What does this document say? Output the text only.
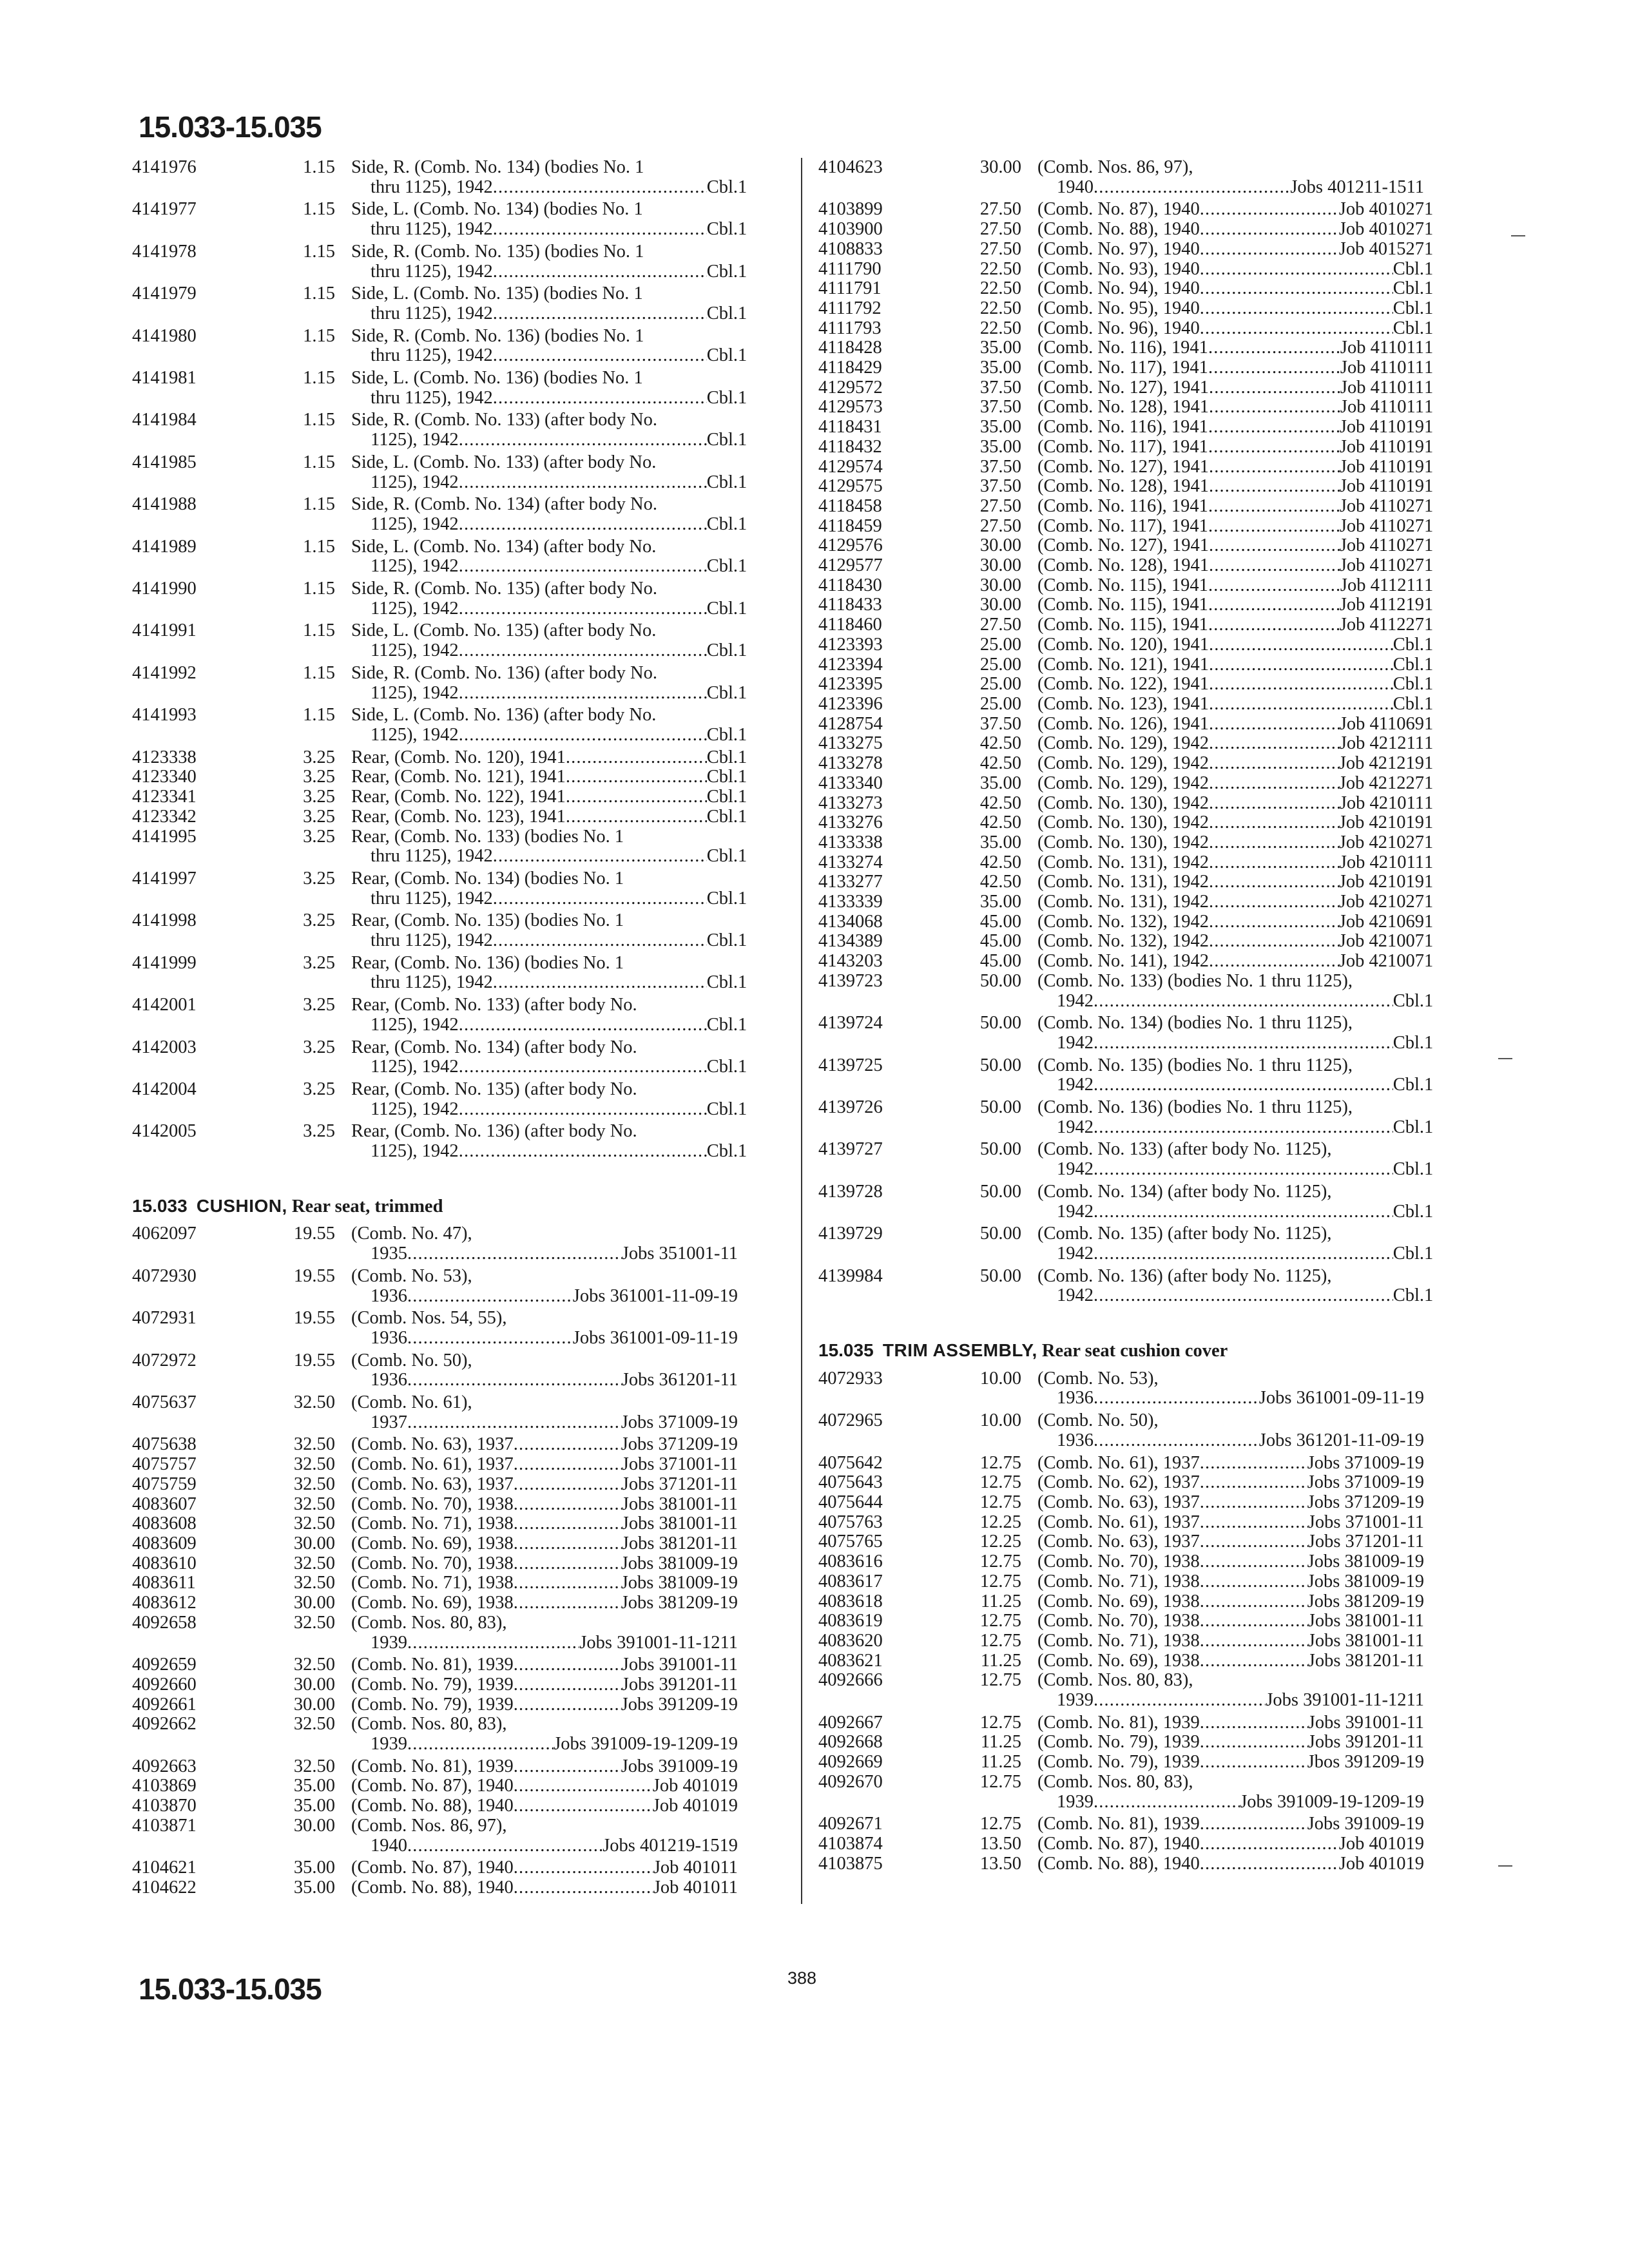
15.033-15.035
4141976	1.15 Side, R. (Comb. No. 134) (bodies No. 1
thru 1125), 1942 . . .	Cbl. 1
4141977	1.15 Side, L. (Comb. No. 134) (bodies No. 1
thru 1125), 1942 . . .	Cbl. 1
4141978	1.15 Side, R. (Comb. No. 135) (bodies No. 1
thru 1125), 1942 . . .	Cbl. 1
4141979	1.15 Side, L. (Comb. No. 135) (bodies No. 1
thru 1125), 1942 . . .	Cbl. 1
4141980	1.15 Side, R. (Comb. No. 136) (bodies No. 1
thru 1125), 1942 . . .	Cbl. 1
4141981	1.15 Side, L. (Comb. No. 136) (bodies No. 1
thru 1125), 1942 . . .	Cbl. 1
4141984	1.15 Side, R. (Comb. No. 133) (after body No.
1125), 1942 . . .	Cbl. 1
4141985	1.15 Side, L. (Comb. No. 133) (after body No.
1125), 1942 . . .	Cbl. 1
4141988	1.15 Side, R. (Comb. No. 134) (after body No.
1125), 1942 . . .	Cbl. 1
4141989	1.15 Side, L. (Comb. No. 134) (after body No.
1125), 1942 . . .	Cbl. 1
4141990	1.15 Side, R. (Comb. No. 135) (after body No.
1125), 1942 . . .	Cbl. 1
4141991	1.15 Side, L. (Comb. No. 135) (after body No.
1125), 1942 . . .	Cbl. 1
4141992	1.15 Side, R. (Comb. No. 136) (after body No.
1125), 1942 . . .	Cbl. 1
4141993	1.15 Side, L. (Comb. No. 136) (after body No.
1125), 1942 . . .	Cbl. 1
4123338	3.25 Rear, (Comb. No. 120), 1941 . . .	Cbl. 1
4123340	3.25 Rear, (Comb. No. 121), 1941 . . .	Cbl. 1
4123341	3.25 Rear, (Comb. No. 122), 1941 . . .	Cbl. 1
4123342	3.25 Rear, (Comb. No. 123), 1941 . . .	Cbl. 1
4141995	3.25 Rear, (Comb. No. 133) (bodies No. 1
thru 1125), 1942 . . .	Cbl. 1
4141997	3.25 Rear, (Comb. No. 134) (bodies No. 1
thru 1125), 1942 . . .	Cbl. 1
4141998	3.25 Rear, (Comb. No. 135) (bodies No. 1
thru 1125), 1942 . . .	Cbl. 1
4141999	3.25 Rear, (Comb. No. 136) (bodies No. 1
thru 1125), 1942 . . .	Cbl. 1
4142001	3.25 Rear, (Comb. No. 133) (after body No.
1125), 1942 . . .	Cbl. 1
4142003	3.25 Rear, (Comb. No. 134) (after body No.
1125), 1942 . . .	Cbl. 1
4142004	3.25 Rear, (Comb. No. 135) (after body No.
1125), 1942 . . .	Cbl. 1
4142005	3.25 Rear, (Comb. No. 136) (after body No.
1125), 1942 . . .	Cbl. 1
15.033 CUSHION, Rear seat, trimmed
4062097	19.55 (Comb. No. 47),
1935 . . .	Jobs 351001-11
4072930	19.55 (Comb. No. 53),
1936 . . .	Jobs 361001-11-09-19
4072931	19.55 (Comb. Nos. 54, 55),
1936 . . .	Jobs 361001-09-11-19
4072972	19.55 (Comb. No. 50),
1936 . . .	Jobs 361201-11
4075637	32.50 (Comb. No. 61),
1937 . . .	Jobs 371009-19
4075638	32.50 (Comb. No. 63), 1937 . . .	Jobs 371209-19
4075757	32.50 (Comb. No. 61), 1937 . . .	Jobs 371001-11
4075759	32.50 (Comb. No. 63), 1937 . . .	Jobs 371201-11
4083607	32.50 (Comb. No. 70), 1938 . . .	Jobs 381001-11
4083608	32.50 (Comb. No. 71), 1938 . . .	Jobs 381001-11
4083609	30.00 (Comb. No. 69), 1938 . . .	Jobs 381201-11
4083610	32.50 (Comb. No. 70), 1938 . . .	Jobs 381009-19
4083611	32.50 (Comb. No. 71), 1938 . . .	Jobs 381009-19
4083612	30.00 (Comb. No. 69), 1938 . . .	Jobs 381209-19
4092658	32.50 (Comb. Nos. 80, 83),
1939 . . .	Jobs 391001-11-1211
4092659	32.50 (Comb. No. 81), 1939 . . .	Jobs 391001-11
4092660	30.00 (Comb. No. 79), 1939 . . .	Jobs 391201-11
4092661	30.00 (Comb. No. 79), 1939 . . .	Jobs 391209-19
4092662	32.50 (Comb. Nos. 80, 83),
1939 . . .	Jobs 391009-19-1209-19
4092663	32.50 (Comb. No. 81), 1939 . . .	Jobs 391009-19
4103869	35.00 (Comb. No. 87), 1940 . . .	Job 401019
4103870	35.00 (Comb. No. 88), 1940 . . .	Job 401019
4103871	30.00 (Comb. Nos. 86, 97),
1940 . . .	Jobs 401219-1519
4104621	35.00 (Comb. No. 87), 1940 . . .	Job 401011
4104622	35.00 (Comb. No. 88), 1940 . . .	Job 401011
4104623	30.00 (Comb. Nos. 86, 97),
1940 . . .	Jobs 401211-1511
4103899	27.50 (Comb. No. 87), 1940 . . .	Job 401027 1
4103900	27.50 (Comb. No. 88), 1940 . . .	Job 401027 1
4108833	27.50 (Comb. No. 97), 1940 . . .	Job 401527 1
4111790	22.50 (Comb. No. 93), 1940 . . .	Cbl. 1
4111791	22.50 (Comb. No. 94), 1940 . . .	Cbl. 1
4111792	22.50 (Comb. No. 95), 1940 . . .	Cbl. 1
4111793	22.50 (Comb. No. 96), 1940 . . .	Cbl. 1
4118428	35.00 (Comb. No. 116), 1941 . . .	Job 411011 1
4118429	35.00 (Comb. No. 117), 1941 . . .	Job 411011 1
4129572	37.50 (Comb. No. 127), 1941 . . .	Job 411011 1
4129573	37.50 (Comb. No. 128), 1941 . . .	Job 411011 1
4118431	35.00 (Comb. No. 116), 1941 . . .	Job 411019 1
4118432	35.00 (Comb. No. 117), 1941 . . .	Job 411019 1
4129574	37.50 (Comb. No. 127), 1941 . . .	Job 411019 1
4129575	37.50 (Comb. No. 128), 1941 . . .	Job 411019 1
4118458	27.50 (Comb. No. 116), 1941 . . .	Job 411027 1
4118459	27.50 (Comb. No. 117), 1941 . . .	Job 411027 1
4129576	30.00 (Comb. No. 127), 1941 . . .	Job 411027 1
4129577	30.00 (Comb. No. 128), 1941 . . .	Job 411027 1
4118430	30.00 (Comb. No. 115), 1941 . . .	Job 411211 1
4118433	30.00 (Comb. No. 115), 1941 . . .	Job 411219 1
4118460	27.50 (Comb. No. 115), 1941 . . .	Job 411227 1
4123393	25.00 (Comb. No. 120), 1941 . . .	Cbl. 1
4123394	25.00 (Comb. No. 121), 1941 . . .	Cbl. 1
4123395	25.00 (Comb. No. 122), 1941 . . .	Cbl. 1
4123396	25.00 (Comb. No. 123), 1941 . . .	Cbl. 1
4128754	37.50 (Comb. No. 126), 1941 . . .	Job 411069 1
4133275	42.50 (Comb. No. 129), 1942 . . .	Job 421211 1
4133278	42.50 (Comb. No. 129), 1942 . . .	Job 421219 1
4133340	35.00 (Comb. No. 129), 1942 . . .	Job 421227 1
4133273	42.50 (Comb. No. 130), 1942 . . .	Job 421011 1
4133276	42.50 (Comb. No. 130), 1942 . . .	Job 421019 1
4133338	35.00 (Comb. No. 130), 1942 . . .	Job 421027 1
4133274	42.50 (Comb. No. 131), 1942 . . .	Job 421011 1
4133277	42.50 (Comb. No. 131), 1942 . . .	Job 421019 1
4133339	35.00 (Comb. No. 131), 1942 . . .	Job 421027 1
4134068	45.00 (Comb. No. 132), 1942 . . .	Job 421069 1
4134389	45.00 (Comb. No. 132), 1942 . . .	Job 421007 1
4143203	45.00 (Comb. No. 141), 1942 . . .	Job 421007 1
4139723	50.00 (Comb. No. 133) (bodies No. 1 thru 1125),
1942 . . .	Cbl. 1
4139724	50.00 (Comb. No. 134) (bodies No. 1 thru 1125),
1942 . . .	Cbl. 1
4139725	50.00 (Comb. No. 135) (bodies No. 1 thru 1125),
1942 . . .	Cbl. 1
4139726	50.00 (Comb. No. 136) (bodies No. 1 thru 1125),
1942 . . .	Cbl. 1
4139727	50.00 (Comb. No. 133) (after body No. 1125),
1942 . . .	Cbl. 1
4139728	50.00 (Comb. No. 134) (after body No. 1125),
1942 . . .	Cbl. 1
4139729	50.00 (Comb. No. 135) (after body No. 1125),
1942 . . .	Cbl. 1
4139984	50.00 (Comb. No. 136) (after body No. 1125),
1942 . . .	Cbl. 1
15.035 TRIM ASSEMBLY, Rear seat cushion cover
4072933	10.00 (Comb. No. 53),
1936 . . .	Jobs 361001-09-11-19
4072965	10.00 (Comb. No. 50),
1936 . . .	Jobs 361201-11-09-19
4075642	12.75 (Comb. No. 61), 1937 . . .	Jobs 371009-19
4075643	12.75 (Comb. No. 62), 1937 . . .	Jobs 371009-19
4075644	12.75 (Comb. No. 63), 1937 . . .	Jobs 371209-19
4075763	12.25 (Comb. No. 61), 1937 . . .	Jobs 371001-11
4075765	12.25 (Comb. No. 63), 1937 . . .	Jobs 371201-11
4083616	12.75 (Comb. No. 70), 1938 . . .	Jobs 381009-19
4083617	12.75 (Comb. No. 71), 1938 . . .	Jobs 381009-19
4083618	11.25 (Comb. No. 69), 1938 . . .	Jobs 381209-19
4083619	12.75 (Comb. No. 70), 1938 . . .	Jobs 381001-11
4083620	12.75 (Comb. No. 71), 1938 . . .	Jobs 381001-11
4083621	11.25 (Comb. No. 69), 1938 . . .	Jobs 381201-11
4092666	12.75 (Comb. Nos. 80, 83),
1939 . . .	Jobs 391001-11-1211
4092667	12.75 (Comb. No. 81), 1939 . . .	Jobs 391001-11
4092668	11.25 (Comb. No. 79), 1939 . . .	Jobs 391201-11
4092669	11.25 (Comb. No. 79), 1939 . . .	Jbos 391209-19
4092670	12.75 (Comb. Nos. 80, 83),
1939 . . .	Jobs 391009-19-1209-19
4092671	12.75 (Comb. No. 81), 1939 . . .	Jobs 391009-19
4103874	13.50 (Comb. No. 87), 1940 . . .	Job 401019
4103875	13.50 (Comb. No. 88), 1940 . . .	Job 401019
15.033-15.035	388
